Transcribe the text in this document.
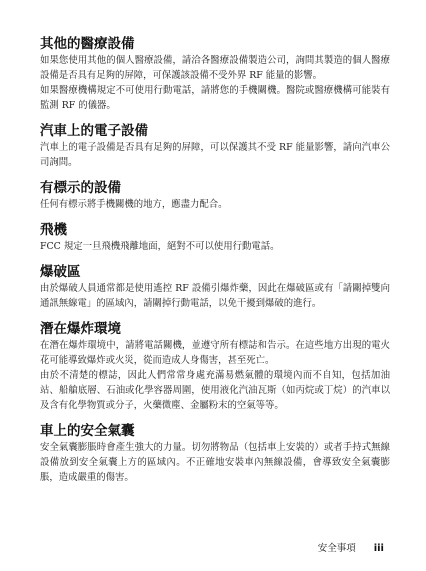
其他的醫療設備

如果您使用其他的個人醫療設備，請洽各醫療設備製造公司，詢問其製造的個人醫療設備是否具有足夠的屏障，可保護該設備不受外界 RF 能量的影響。

如果醫療機構規定不可使用行動電話，請將您的手機關機。醫院或醫療機構可能裝有監測 RF 的儀器。

汽車上的電子設備

汽車上的電子設備是否具有足夠的屏障，可以保護其不受 RF 能量影響，請向汽車公司詢問。

有標示的設備

任何有標示將手機關機的地方，應盡力配合。

飛機

FCC 規定一旦飛機飛離地面，絕對不可以使用行動電話。

爆破區

由於爆破人員通常都是使用遙控 RF 設備引爆炸藥，因此在爆破區或有「請關掉雙向通訊無線電」的區域內，請關掉行動電話，以免干擾到爆破的進行。

潛在爆炸環境

在潛在爆炸環境中，請將電話關機，並遵守所有標誌和告示。在這些地方出現的電火花可能導致爆炸或火災，從而造成人身傷害，甚至死亡。

由於不清楚的標誌，因此人們常常身處充滿易燃氣體的環境內而不自知，包括加油站、船艙底層、石油或化學容器周圍，使用液化汽油瓦斯（如丙烷或丁烷）的汽車以及含有化學物質或分子，火藥微塵、金屬粉末的空氣等等。

車上的安全氣囊

安全氣囊膨脹時會產生強大的力量。切勿將物品（包括車上安裝的）或者手持式無線設備放到安全氣囊上方的區域內。不正確地安裝車內無線設備，會導致安全氣囊膨脹，造成嚴重的傷害。

安全事項 iii
